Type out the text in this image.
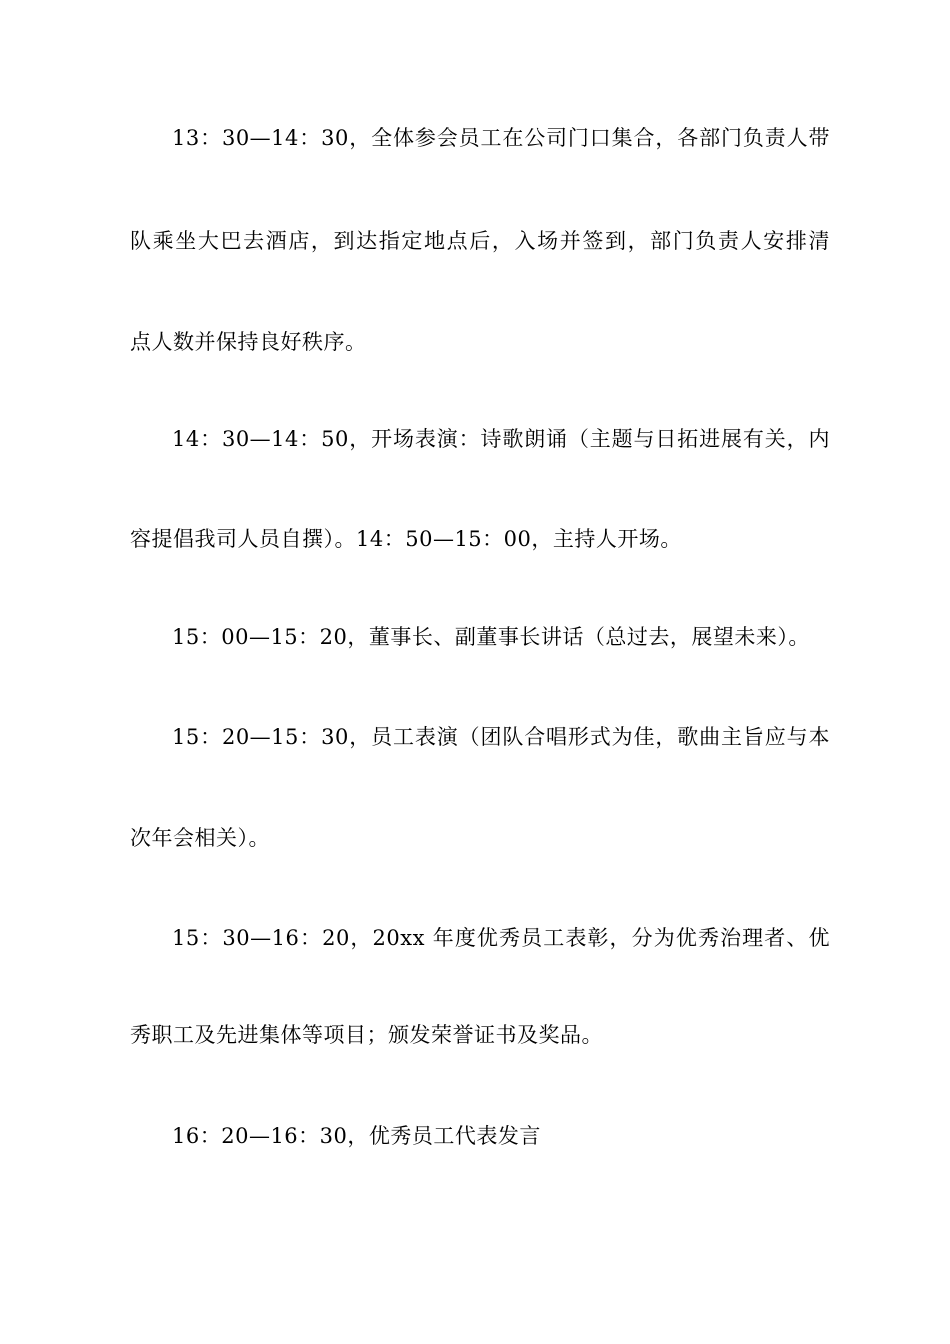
13：30—14：30，全体参会员工在公司门口集合，各部门负责人带
队乘坐大巴去酒店，到达指定地点后，入场并签到，部门负责人安排清
点人数并保持良好秩序。
14：30—14：50，开场表演：诗歌朗诵（主题与日拓进展有关，内
容提倡我司人员自撰）。14：50—15：00，主持人开场。
15：00—15：20，董事长、副董事长讲话（总过去，展望未来）。
15：20—15：30，员工表演（团队合唱形式为佳，歌曲主旨应与本
次年会相关）。
15：30—16：20，20xx 年度优秀员工表彰，分为优秀治理者、优
秀职工及先进集体等项目；颁发荣誉证书及奖品。
16：20—16：30，优秀员工代表发言
